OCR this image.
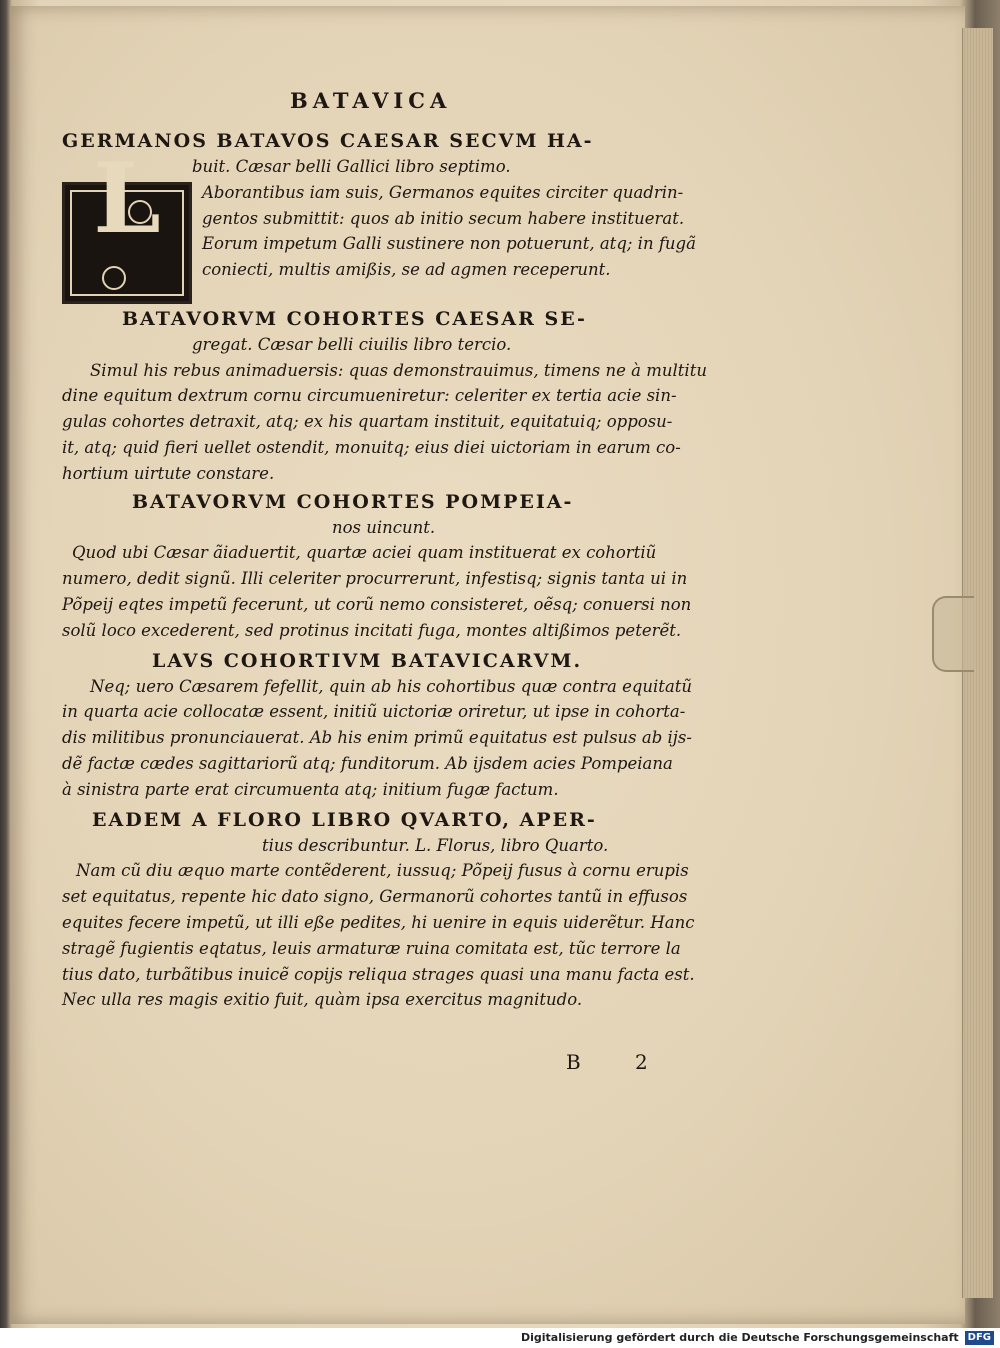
BATAVICA
GERMANOS BATAVOS CAESAR SECVM HA-
buit. Cæsar belli Gallici libro septimo.
L	Aborantibus iam suis, Germanos equites circiter quadrin-
gentos submittit: quos ab initio secum habere instituerat.
Eorum impetum Galli sustinere non potuerunt, atq; in fugã
coniecti, multis amißis, se ad agmen receperunt.
BATAVORVM COHORTES CAESAR SE-
gregat. Cæsar belli ciuilis libro tercio.
Simul his rebus animaduersis: quas demonstrauimus, timens ne à multitu
dine equitum dextrum cornu circumueniretur: celeriter ex tertia acie sin-
gulas cohortes detraxit, atq; ex his quartam instituit, equitatuiq; opposu-
it, atq; quid fieri uellet ostendit, monuitq; eius diei uictoriam in earum co-
hortium uirtute constare.
BATAVORVM COHORTES POMPEIA-
nos uincunt.
Quod ubi Cæsar ãiaduertit, quartæ aciei quam instituerat ex cohortiũ
numero, dedit signũ. Illi celeriter procurrerunt, infestisq; signis tanta ui in
Põpeij eqtes impetũ fecerunt, ut corũ nemo consisteret, oẽsq; conuersi non
solũ loco excederent, sed protinus incitati fuga, montes altißimos peterẽt.
LAVS COHORTIVM BATAVICARVM.
Neq; uero Cæsarem fefellit, quin ab his cohortibus quæ contra equitatũ
in quarta acie collocatæ essent, initiũ uictoriæ oriretur, ut ipse in cohorta-
dis militibus pronunciauerat. Ab his enim primũ equitatus est pulsus ab ijs-
dẽ factæ cædes sagittariorũ atq; funditorum. Ab ijsdem acies Pompeiana
à sinistra parte erat circumuenta atq; initium fugæ factum.
EADEM A FLORO LIBRO QVARTO, APER-
tius describuntur. L. Florus, libro Quarto.
Nam cũ diu æquo marte contẽderent, iussuq; Põpeij fusus à cornu erupis
set equitatus, repente hic dato signo, Germanorũ cohortes tantũ in effusos
equites fecere impetũ, ut illi eße pedites, hi uenire in equis uiderẽtur. Hanc
stragẽ fugientis eqtatus, leuis armaturæ ruina comitata est, tũc terrore la
tius dato, turbãtibus inuicẽ copijs reliqua strages quasi una manu facta est.
Nec ulla res magis exitio fuit, quàm ipsa exercitus magnitudo.
B 2
Digitalisierung gefördert durch die Deutsche Forschungsgemeinschaft DFG
